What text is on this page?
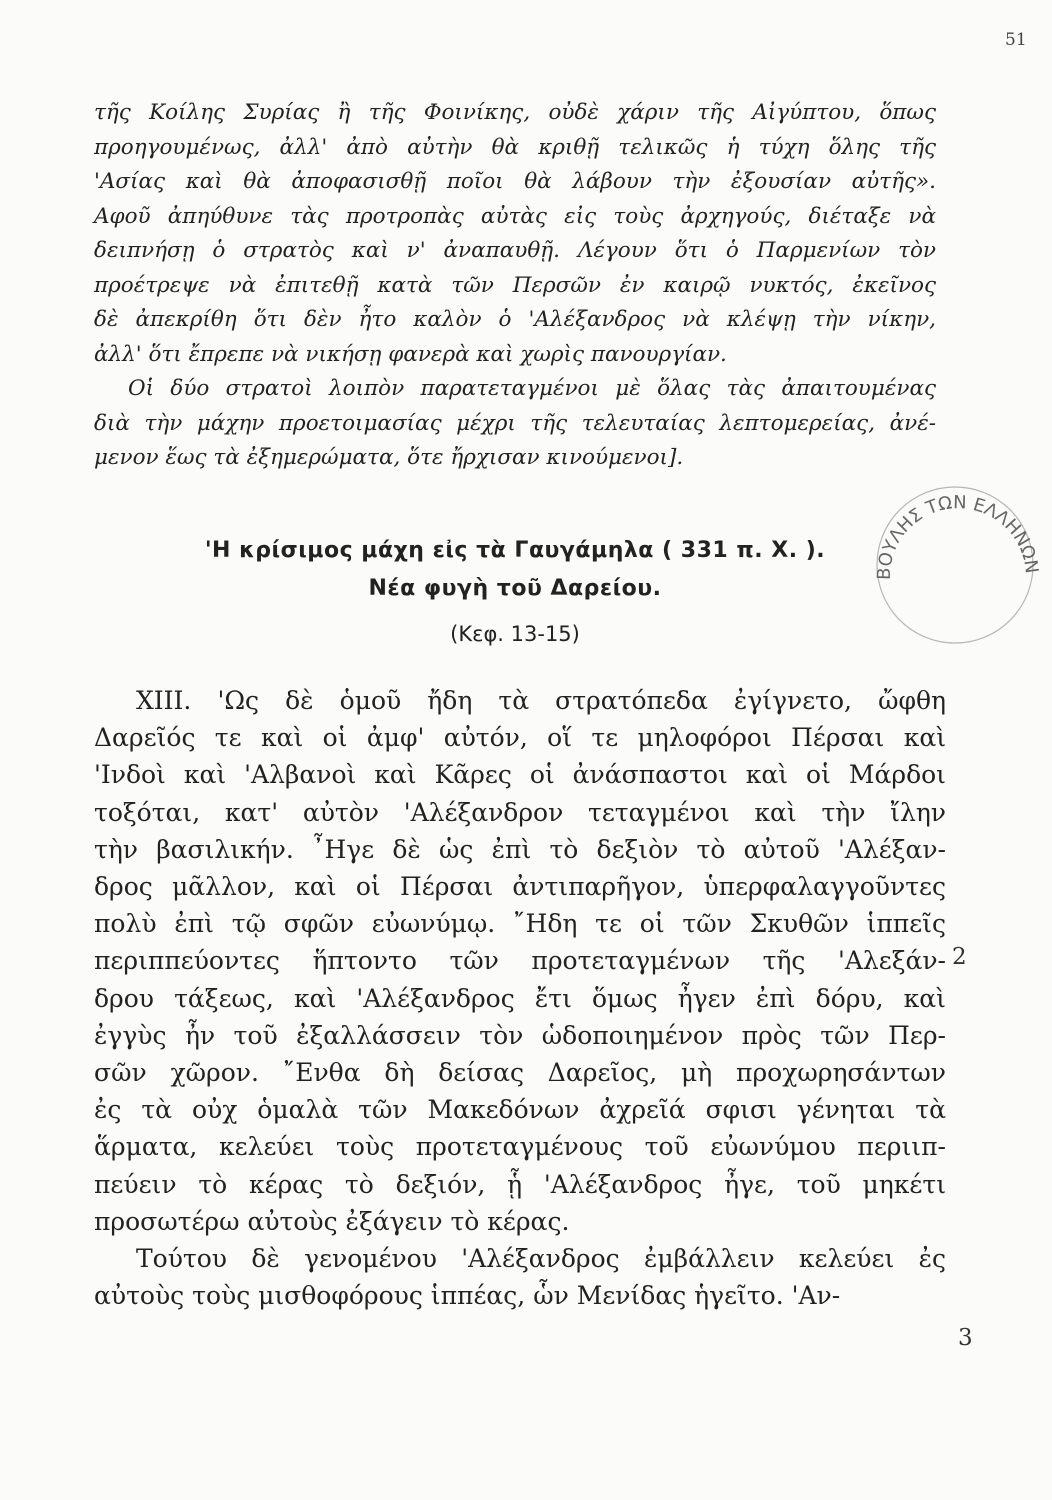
51

τῆς Κοίλης Συρίας ἢ τῆς Φοινίκης, οὐδὲ χάριν τῆς Αἰγύπτου, ὅπως
προηγουμένως, ἀλλ' ἀπὸ αὐτὴν θὰ κριθῇ τελικῶς ἡ τύχη ὅλης τῆς
'Ασίας καὶ θὰ ἀποφασισθῇ ποῖοι θὰ λάβουν τὴν ἐξουσίαν αὐτῆς».
Αφοῦ ἀπηύθυνε τὰς προτροπὰς αὐτὰς εἰς τοὺς ἀρχηγούς, διέταξε νὰ
δειπνήσῃ ὁ στρατὸς καὶ ν' ἀναπαυθῇ. Λέγουν ὅτι ὁ Παρμενίων τὸν
προέτρεψε νὰ ἐπιτεθῇ κατὰ τῶν Περσῶν ἐν καιρῷ νυκτός, ἐκεῖνος
δὲ ἀπεκρίθη ὅτι δὲν ἦτο καλὸν ὁ 'Αλέξανδρος νὰ κλέψῃ τὴν νίκην,
ἀλλ' ὅτι ἔπρεπε νὰ νικήσῃ φανερὰ καὶ χωρὶς πανουργίαν.

Οἱ δύο στρατοὶ λοιπὸν παρατεταγμένοι μὲ ὅλας τὰς ἀπαιτουμένας
διὰ τὴν μάχην προετοιμασίας μέχρι τῆς τελευταίας λεπτομερείας, ἀνέ-
μενον ἕως τὰ ἐξημερώματα, ὅτε ἤρχισαν κινούμενοι].

ΒΟΥΛΗΣ ΤΩΝ ΕΛΛΗΝΩΝ
'Η κρίσιμος μάχη εἰς τὰ Γαυγάμηλα ( 331 π. Χ. ).
Νέα φυγὴ τοῦ Δαρείου.

(Κεφ. 13-15)

XIII. 'Ως δὲ ὁμοῦ ἤδη τὰ στρατόπεδα ἐγίγνετο, ὤφθη
Δαρεῖός τε καὶ οἱ ἀμφ' αὐτόν, οἵ τε μηλοφόροι Πέρσαι καὶ
'Ινδοὶ καὶ 'Αλβανοὶ καὶ Κᾶρες οἱ ἀνάσπαστοι καὶ οἱ Μάρδοι
τοξόται, κατ' αὐτὸν 'Αλέξανδρον τεταγμένοι καὶ τὴν ἴλην
τὴν βασιλικήν. ῏Ηγε δὲ ὡς ἐπὶ τὸ δεξιὸν τὸ αὐτοῦ 'Αλέξαν-
δρος μᾶλλον, καὶ οἱ Πέρσαι ἀντιπαρῆγον, ὑπερφαλαγγοῦντες
πολὺ ἐπὶ τῷ σφῶν εὐωνύμῳ. ῎Ηδη τε οἱ τῶν Σκυθῶν ἱππεῖς
περιππεύοντες ἥπτοντο τῶν προτεταγμένων τῆς 'Αλεξάν-
δρου τάξεως, καὶ 'Αλέξανδρος ἔτι ὅμως ἦγεν ἐπὶ δόρυ, καὶ
ἐγγὺς ἦν τοῦ ἐξαλλάσσειν τὸν ὡδοποιημένον πρὸς τῶν Περ-
σῶν χῶρον. ῎Ενθα δὴ δείσας Δαρεῖος, μὴ προχωρησάντων
ἐς τὰ οὐχ ὁμαλὰ τῶν Μακεδόνων ἀχρεῖά σφισι γένηται τὰ
ἅρματα, κελεύει τοὺς προτεταγμένους τοῦ εὐωνύμου περιιπ-
πεύειν τὸ κέρας τὸ δεξιόν, ᾗ 'Αλέξανδρος ἦγε, τοῦ μηκέτι
προσωτέρω αὐτοὺς ἐξάγειν τὸ κέρας.

Τούτου δὲ γενομένου 'Αλέξανδρος ἐμβάλλειν κελεύει ἐς
αὐτοὺς τοὺς μισθοφόρους ἱππέας, ὧν Μενίδας ἡγεῖτο. 'Αν-

2
3
